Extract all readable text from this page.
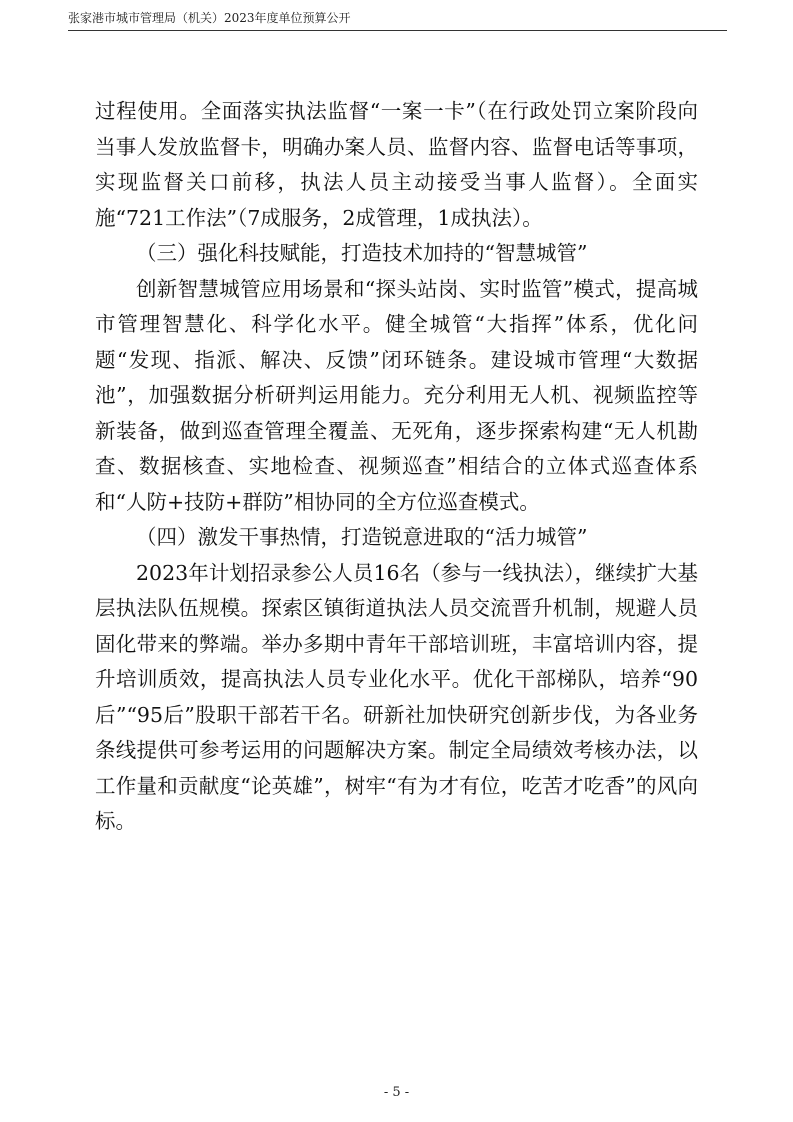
张家港市城市管理局（机关）2023年度单位预算公开

过程使用。全面落实执法监督“一案一卡”（在行政处罚立案阶段向当事人发放监督卡，明确办案人员、监督内容、监督电话等事项，实现监督关口前移，执法人员主动接受当事人监督）。全面实施“721工作法”（7成服务，2成管理，1成执法）。

（三）强化科技赋能，打造技术加持的“智慧城管”

创新智慧城管应用场景和“探头站岗、实时监管”模式，提高城市管理智慧化、科学化水平。健全城管“大指挥”体系，优化问题“发现、指派、解决、反馈”闭环链条。建设城市管理“大数据池”，加强数据分析研判运用能力。充分利用无人机、视频监控等新装备，做到巡查管理全覆盖、无死角，逐步探索构建“无人机勘查、数据核查、实地检查、视频巡查”相结合的立体式巡查体系和“人防+技防+群防”相协同的全方位巡查模式。

（四）激发干事热情，打造锐意进取的“活力城管”

2023年计划招录参公人员16名（参与一线执法），继续扩大基层执法队伍规模。探索区镇街道执法人员交流晋升机制，规避人员固化带来的弊端。举办多期中青年干部培训班，丰富培训内容，提升培训质效，提高执法人员专业化水平。优化干部梯队，培养“90后”“95后”股职干部若干名。研新社加快研究创新步伐，为各业务条线提供可参考运用的问题解决方案。制定全局绩效考核办法，以工作量和贡献度“论英雄”，树牢“有为才有位，吃苦才吃香”的风向标。

- 5 -
